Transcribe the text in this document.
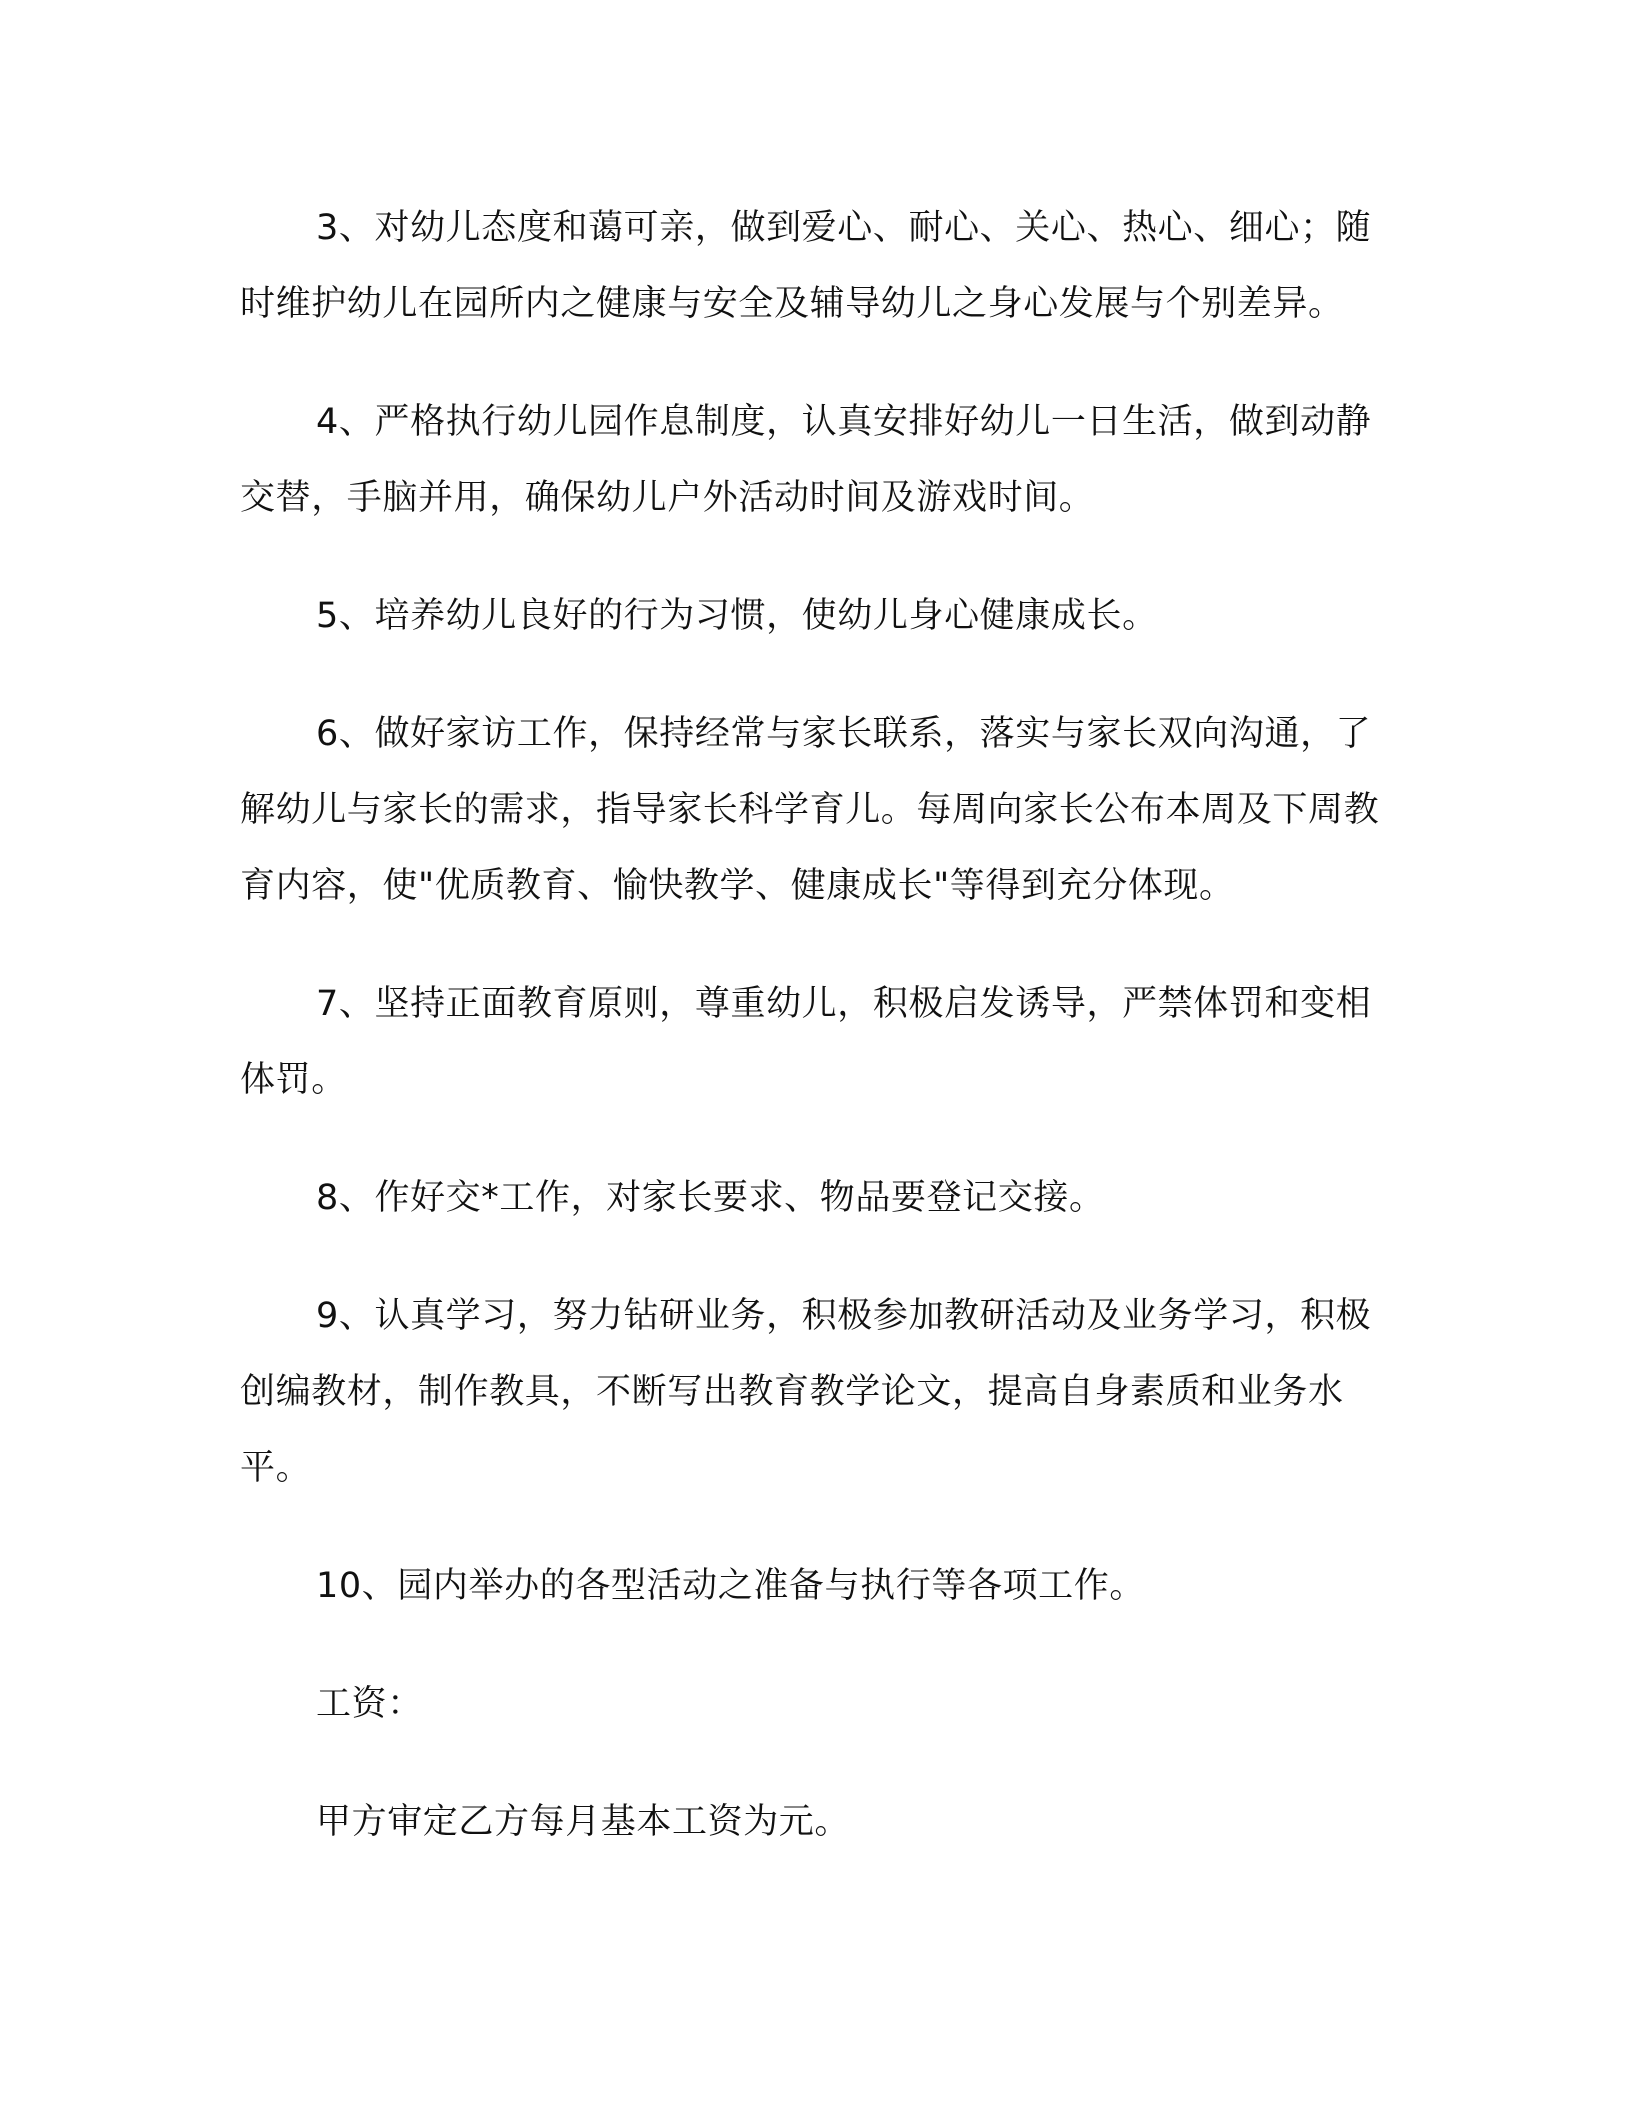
3、对幼儿态度和蔼可亲，做到爱心、耐心、关心、热心、细心；随时维护幼儿在园所内之健康与安全及辅导幼儿之身心发展与个别差异。

4、严格执行幼儿园作息制度，认真安排好幼儿一日生活，做到动静交替，手脑并用，确保幼儿户外活动时间及游戏时间。

5、培养幼儿良好的行为习惯，使幼儿身心健康成长。

6、做好家访工作，保持经常与家长联系，落实与家长双向沟通，了解幼儿与家长的需求，指导家长科学育儿。每周向家长公布本周及下周教育内容，使"优质教育、愉快教学、健康成长"等得到充分体现。

7、坚持正面教育原则，尊重幼儿，积极启发诱导，严禁体罚和变相体罚。

8、作好交*工作，对家长要求、物品要登记交接。

9、认真学习，努力钻研业务，积极参加教研活动及业务学习，积极创编教材，制作教具，不断写出教育教学论文，提高自身素质和业务水平。

10、园内举办的各型活动之准备与执行等各项工作。

工资：

甲方审定乙方每月基本工资为元。
